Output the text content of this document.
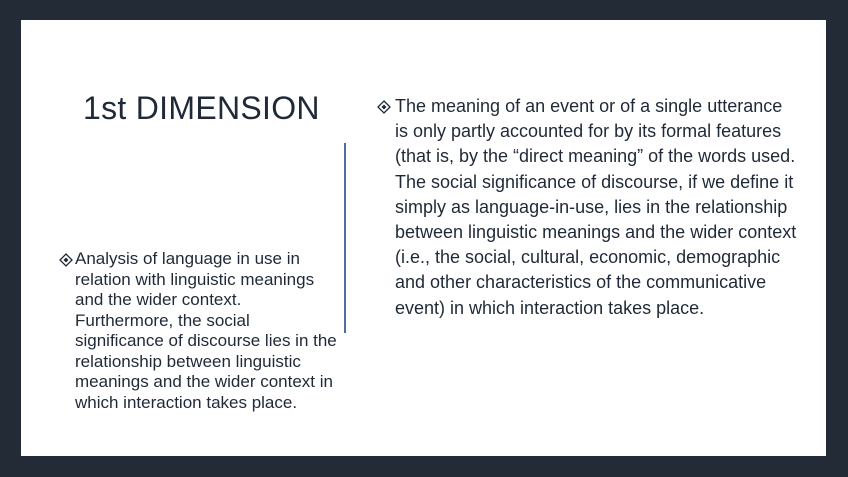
1st DIMENSION
Analysis of language in use in relation with linguistic meanings and the wider context. Furthermore, the social significance of discourse lies in the relationship between linguistic meanings and the wider context in which interaction takes place.
The meaning of an event or of a single utterance is only partly accounted for by its formal features (that is, by the “direct meaning” of the words used. The social significance of discourse, if we define it simply as language-in-use, lies in the relationship between linguistic meanings and the wider context (i.e., the social, cultural, economic, demographic and other characteristics of the communicative event) in which interaction takes place.
